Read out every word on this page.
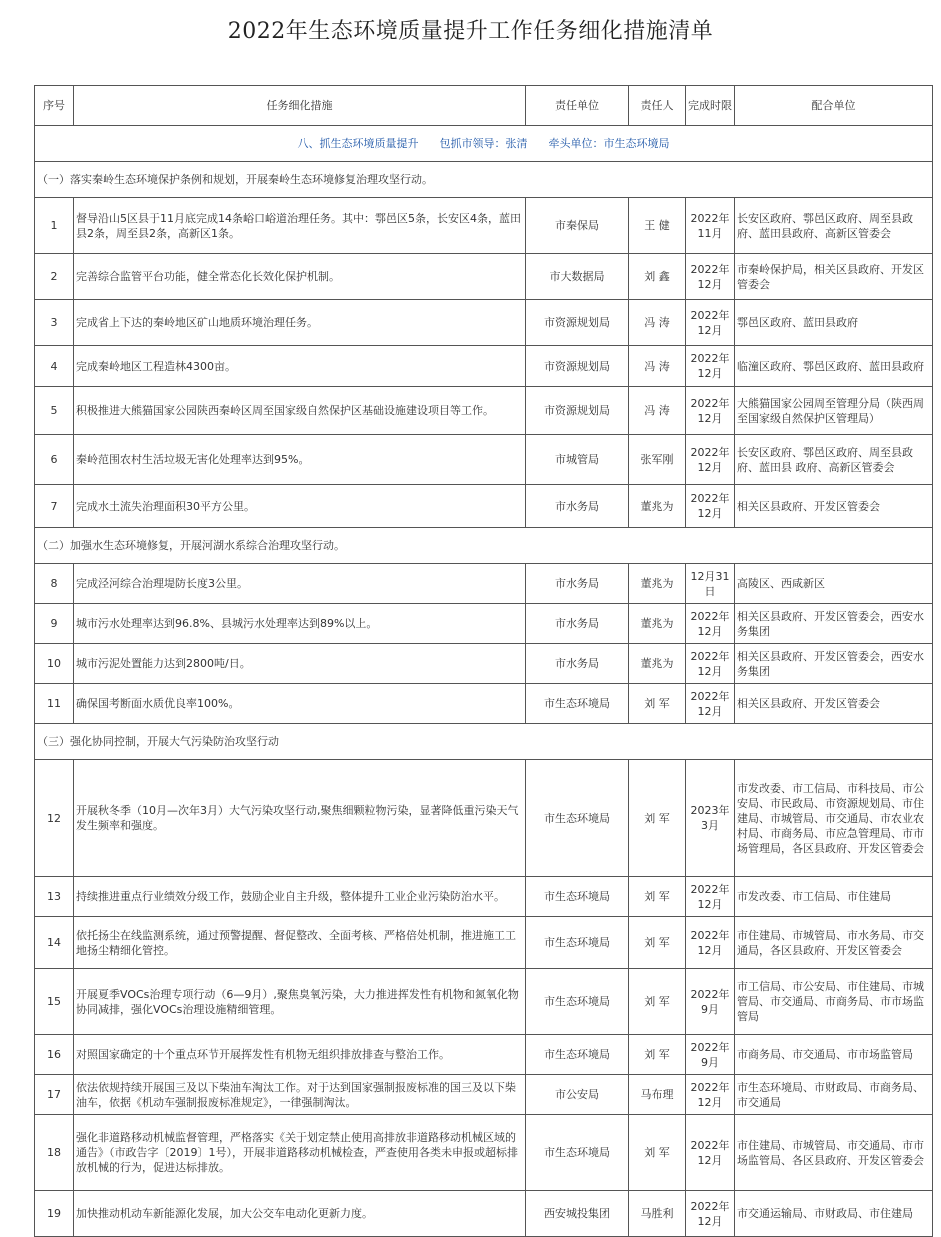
2022年生态环境质量提升工作任务细化措施清单
序号	任务细化措施	责任单位	责任人	完成时限	配合单位
八、抓生态环境质量提升 包抓市领导：张清 牵头单位：市生态环境局					
（一）落实秦岭生态环境保护条例和规划，开展秦岭生态环境修复治理攻坚行动。					
1	督导沿山5区县于11月底完成14条峪口峪道治理任务。其中：鄠邑区5条，长安区4条，蓝田县2条，周至县2条，高新区1条。	市秦保局	王 健	2022年11月	长安区政府、鄠邑区政府、周至县政府、蓝田县政府、高新区管委会
2	完善综合监管平台功能，健全常态化长效化保护机制。	市大数据局	刘 鑫	2022年12月	市秦岭保护局，相关区县政府、开发区管委会
3	完成省上下达的秦岭地区矿山地质环境治理任务。	市资源规划局	冯 涛	2022年12月	鄠邑区政府、蓝田县政府
4	完成秦岭地区工程造林4300亩。	市资源规划局	冯 涛	2022年12月	临潼区政府、鄠邑区政府、蓝田县政府
5	积极推进大熊猫国家公园陕西秦岭区周至国家级自然保护区基础设施建设项目等工作。	市资源规划局	冯 涛	2022年12月	大熊猫国家公园周至管理分局（陕西周至国家级自然保护区管理局）
6	秦岭范围农村生活垃圾无害化处理率达到95%。	市城管局	张军刚	2022年12月	长安区政府、鄠邑区政府、周至县政府、蓝田县 政府、高新区管委会
7	完成水土流失治理面积30平方公里。	市水务局	董兆为	2022年12月	相关区县政府、开发区管委会
（二）加强水生态环境修复，开展河湖水系综合治理攻坚行动。					
8	完成泾河综合治理堤防长度3公里。	市水务局	董兆为	12月31日	高陵区、西咸新区
9	城市污水处理率达到96.8%、县城污水处理率达到89%以上。	市水务局	董兆为	2022年12月	相关区县政府、开发区管委会，西安水务集团
10	城市污泥处置能力达到2800吨/日。	市水务局	董兆为	2022年12月	相关区县政府、开发区管委会，西安水务集团
11	确保国考断面水质优良率100%。	市生态环境局	刘 军	2022年12月	相关区县政府、开发区管委会
（三）强化协同控制，开展大气污染防治攻坚行动					
12	开展秋冬季（10月—次年3月）大气污染攻坚行动,聚焦细颗粒物污染，显著降低重污染天气发生频率和强度。	市生态环境局	刘 军	2023年3月	市发改委、市工信局、市科技局、市公安局、市民政局、市资源规划局、市住建局、市城管局、市交通局、市农业农村局、市商务局、市应急管理局、市市场管理局，各区县政府、开发区管委会
13	持续推进重点行业绩效分级工作，鼓励企业自主升级，整体提升工业企业污染防治水平。	市生态环境局	刘 军	2022年12月	市发改委、市工信局、市住建局
14	依托扬尘在线监测系统，通过预警提醒、督促整改、全面考核、严格倍处机制，推进施工工地扬尘精细化管控。	市生态环境局	刘 军	2022年12月	市住建局、市城管局、市水务局、市交通局，各区县政府、开发区管委会
15	开展夏季VOCs治理专项行动（6—9月）,聚焦臭氧污染，大力推进挥发性有机物和氮氧化物协同减排，强化VOCs治理设施精细管理。	市生态环境局	刘 军	2022年9月	市工信局、市公安局、市住建局、市城管局、市交通局、市商务局、市市场监管局
16	对照国家确定的十个重点环节开展挥发性有机物无组织排放排查与整治工作。	市生态环境局	刘 军	2022年9月	市商务局、市交通局、市市场监管局
17	依法依规持续开展国三及以下柴油车淘汰工作。对于达到国家强制报废标准的国三及以下柴油车，依据《机动车强制报废标准规定》，一律强制淘汰。	市公安局	马布理	2022年12月	市生态环境局、市财政局、市商务局、市交通局
18	强化非道路移动机械监督管理，严格落实《关于划定禁止使用高排放非道路移动机械区域的通告》（市政告字〔2019〕1号），开展非道路移动机械检查，严查使用各类未申报或超标排放机械的行为，促进达标排放。	市生态环境局	刘 军	2022年12月	市住建局、市城管局、市交通局、市市场监管局、各区县政府、开发区管委会
19	加快推动机动车新能源化发展，加大公交车电动化更新力度。	西安城投集团	马胜利	2022年12月	市交通运输局、市财政局、市住建局
